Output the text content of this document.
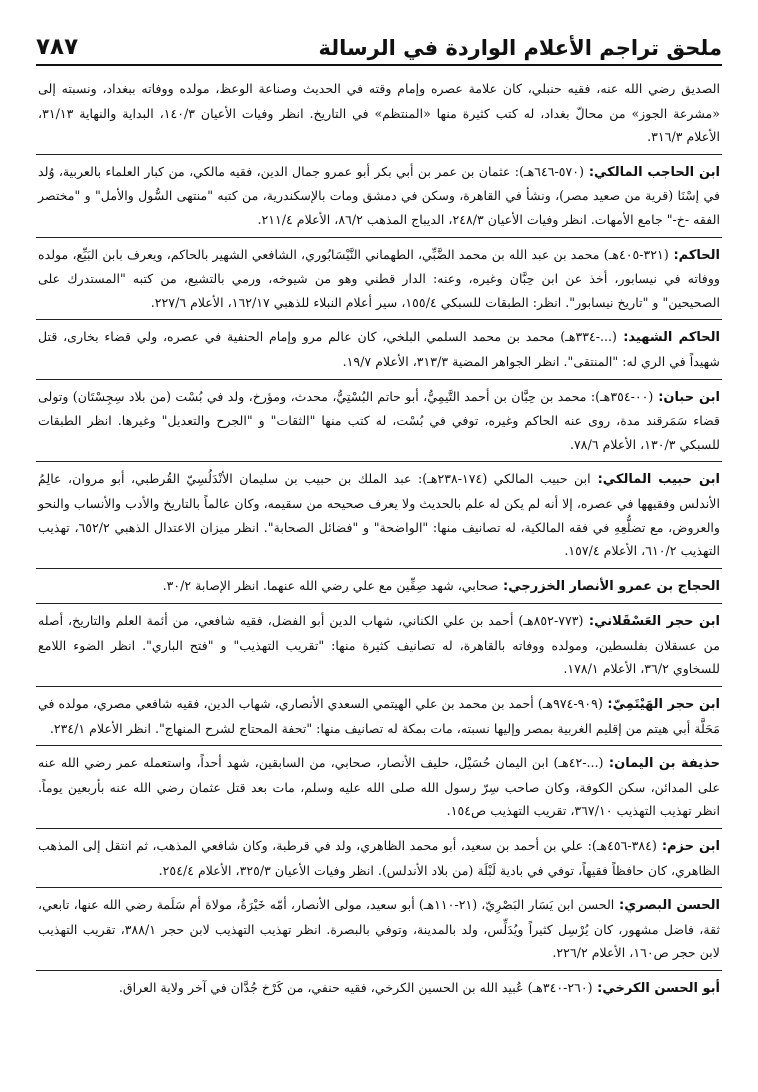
ملحق تراجم الأعلام الواردة في الرسالة
٧٨٧
الصديق رضي الله عنه، فقيه حنبلي، كان علامة عصره وإمام وقته في الحديث وصناعة الوعظ، مولده ووفاته ببغداد، ونسبته إلى «مشرعة الجوز» من محالّ بغداد، له كتب كثيرة منها «المنتظم» في التاريخ. انظر وفيات الأعيان ١٤٠/٣، البداية والنهاية ٣١/١٣، الأعلام ٣١٦/٣.
ابن الحاجب المالكي: (٥٧٠-٦٤٦هـ): عثمان بن عمر بن أبي بكر أبو عمرو جمال الدين، فقيه مالكي، من كبار العلماء بالعربية، وُلد في إسْنَا (قرية من صعيد مصر)، ونشأ في القاهرة، وسكن في دمشق ومات بالإسكندرية، من كتبه "منتهى السُّول والأمل" و "مختصر الفقه -خ-" جامع الأمهات. انظر وفيات الأعيان ٢٤٨/٣، الديباج المذهب ٨٦/٢، الأعلام ٢١١/٤.
الحاكم: (٣٢١-٤٠٥هـ) محمد بن عبد الله بن محمد الضَّبِّي، الطهماني النَّيْسَابُوري، الشافعي الشهير بالحاكم، ويعرف بابن البَيِّع، مولده ووفاته في نيسابور، أخذ عن ابن حِبَّان وغيره، وعنه: الدار قطني وهو من شيوخه، ورمي بالتشيع، من كتبه "المستدرك على الصحيحين" و "تاريخ نيسابور". انظر: الطبقات للسبكي ١٥٥/٤، سير أعلام النبلاء للذهبي ١٦٢/١٧، الأعلام ٢٢٧/٦.
الحاكم الشهيد: (...-٣٣٤هـ) محمد بن محمد السلمي البلخي، كان عالم مرو وإمام الحنفية في عصره، ولي قضاء بخارى، قتل شهيداً في الري له: "المنتقى". انظر الجواهر المضية ٣١٣/٣، الأعلام ١٩/٧.
ابن حبان: (٠٠-٣٥٤هـ): محمد بن حِبَّان بن أحمد التَّيمِيُّ، أبو حاتم البُسْتِيُّ، محدث، ومؤرخ، ولد في بُسْت (من بلاد سِجِسْتَان) وتولى قضاء سَمَرقند مدة، روى عنه الحاكم وغيره، توفي في بُسْت، له كتب منها "الثقات" و "الجرح والتعديل" وغيرها. انظر الطبقات للسبكي ١٣٠/٣، الأعلام ٧٨/٦.
ابن حبيب المالكي: ابن حبيب المالكي (١٧٤-٢٣٨هـ): عبد الملك بن حبيب بن سليمان الأنْدَلُسِيّ القُرطبي، أبو مروان، عالِمُ الأندلس وفقيهها في عصره، إلا أنه لم يكن له علم بالحديث ولا يعرف صحيحه من سقيمه، وكان عالماً بالتاريخ والأدب والأنساب والنحو والعروض، مع تضلُّعِهِ في فقه المالكية، له تصانيف منها: "الواضحة" و "فضائل الصحابة". انظر ميزان الاعتدال الذهبي ٦٥٢/٢، تهذيب التهذيب ٦١٠/٢، الأعلام ١٥٧/٤.
الحجاج بن عمرو الأنصار الخزرجي: صحابي، شهد صِفِّين مع علي رضي الله عنهما. انظر الإصابة ٣٠/٢.
ابن حجر العَسْقَلاني: (٧٧٣-٨٥٢هـ) أحمد بن علي الكناني، شهاب الدين أبو الفضل، فقيه شافعي، من أئمة العلم والتاريخ، أصله من عسقلان بفلسطين، ومولده ووفاته بالقاهرة، له تصانيف كثيرة منها: "تقريب التهذيب" و "فتح الباري". انظر الضوء اللامع للسخاوي ٣٦/٢، الأعلام ١٧٨/١.
ابن حجر الهَيْتَمِيّ: (٩٠٩-٩٧٤هـ) أحمد بن محمد بن علي الهيتمي السعدي الأنصاري، شهاب الدين، فقيه شافعي مصري، مولده في مَحَلَّة أبي هيتم من إقليم الغربية بمصر وإليها نسبته، مات بمكة له تصانيف منها: "تحفة المحتاج لشرح المنهاج". انظر الأعلام ٢٣٤/١.
حذيفة بن اليمان: (...-٤٢هـ) ابن اليمان حُسَيْل، حليف الأنصار، صحابي، من السابقين، شهد أحداً، واستعمله عمر رضي الله عنه على المدائن، سكن الكوفة، وكان صاحب سِرّ رسول الله صلى الله عليه وسلم، مات بعد قتل عثمان رضي الله عنه بأربعين يوماً. انظر تهذيب التهذيب ٣٦٧/١٠، تقريب التهذيب ص١٥٤.
ابن حزم: (٣٨٤-٤٥٦هـ): علي بن أحمد بن سعيد، أبو محمد الظاهري، ولد في قرطبة، وكان شافعي المذهب، ثم انتقل إلى المذهب الظاهري، كان حافظاً فقيهاً، توفي في بادية لَبْلَة (من بلاد الأندلس). انظر وفيات الأعيان ٣٢٥/٣، الأعلام ٢٥٤/٤.
الحسن البصري: الحسن ابن يَسَار البَصْرِيّ، (٢١-١١٠هـ) أبو سعيد، مولى الأنصار، أمّه خَيْرَةُ، مولاة أم سَلَمة رضي الله عنها، تابعي، ثقة، فاضل مشهور، كان يُرْسِل كثيراً ويُدَلِّس، ولد بالمدينة، وتوفي بالبصرة. انظر تهذيب التهذيب لابن حجر ٣٨٨/١، تقريب التهذيب لابن حجر ص١٦٠، الأعلام ٢٢٦/٢.
أبو الحسن الكرخي: (٢٦٠-٣٤٠هـ) عُبيد الله بن الحسين الكرخي، فقيه حنفي، من كَرْخ جُدَّان في آخر ولاية العراق.
